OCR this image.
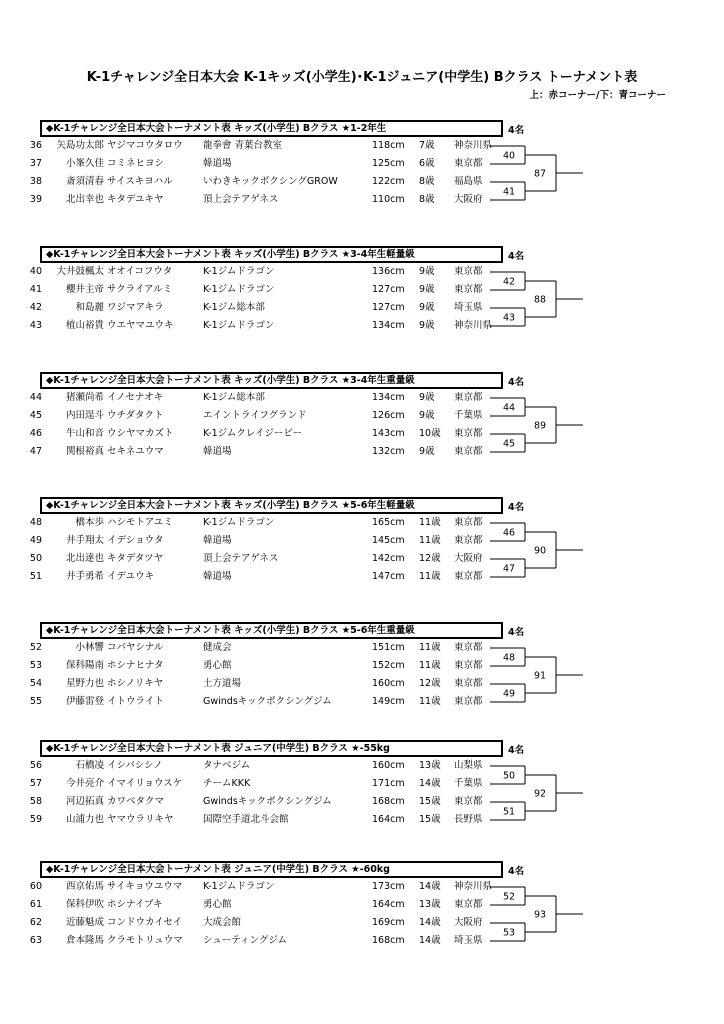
K-1チャレンジ全日本大会 K-1キッズ(小学生)･K-1ジュニア(中学生) Bクラス トーナメント表
上：赤コーナー/下：青コーナー
◆K-1チャレンジ全日本大会トーナメント表 キッズ(小学生) Bクラス ★1-2年生	4名
36	矢島功太郎 ヤジマコウタロウ 龍拳會 青葉台教室	118cm 7歳 神奈川県
37	小峯久佳 コミネヒヨシ	韓道場	125cm 6歳 東京都
38	斎須清春 サイスキヨハル	いわきキックボクシングGROW	122cm 8歳 福島県
39	北出幸也 キタデユキヤ	頂上会テアゲネス	110cm 8歳 大阪府
40
41
87
◆K-1チャレンジ全日本大会トーナメント表 キッズ(小学生) Bクラス ★3-4年生軽量級	4名
40	大井鼓楓太 オオイコフウタ	K-1ジムドラゴン	136cm 9歳 東京都
41	櫻井主帝 サクライアルミ	K-1ジムドラゴン	127cm 9歳 東京都
42	和島麗 ワジマアキラ	K-1ジム総本部	127cm 9歳 埼玉県
43	植山裕貴 ウエヤマユウキ	K-1ジムドラゴン	134cm 9歳 神奈川県
42
43
88
◆K-1チャレンジ全日本大会トーナメント表 キッズ(小学生) Bクラス ★3-4年生重量級	4名
44	猪瀬尚希 イノセナオキ	K-1ジム総本部	134cm 9歳 東京都
45	内田逞斗 ウチダタクト	エイントライフグランド	126cm 9歳 千葉県
46	牛山和音 ウシヤマカズト	K-1ジムクレイジービー	143cm 10歳 東京都
47	関根裕真 セキネユウマ	韓道場	132cm 9歳 東京都
44
45
89
◆K-1チャレンジ全日本大会トーナメント表 キッズ(小学生) Bクラス ★5-6年生軽量級	4名
48	橋本歩 ハシモトアユミ	K-1ジムドラゴン	165cm 11歳 東京都
49	井手翔太 イデショウタ	韓道場	145cm 11歳 東京都
50	北出達也 キタデタツヤ	頂上会テアゲネス	142cm 12歳 大阪府
51	井手勇希 イデユウキ	韓道場	147cm 11歳 東京都
46
47
90
◆K-1チャレンジ全日本大会トーナメント表 キッズ(小学生) Bクラス ★5-6年生重量級	4名
52	小林響 コバヤシナル	健成会	151cm 11歳 東京都
53	保科陽南 ホシナヒナタ	勇心館	152cm 11歳 東京都
54	星野力也 ホシノリキヤ	土方道場	160cm 12歳 東京都
55	伊藤雷登 イトウライト	Gwindsキックボクシングジム	149cm 11歳 東京都
48
49
91
◆K-1チャレンジ全日本大会トーナメント表 ジュニア(中学生) Bクラス ★-55kg	4名
56	石橋凌 イシバシシノ	タナベジム	160cm 13歳 山梨県
57	今井亮介 イマイリョウスケ チームKKK	171cm 14歳 千葉県
58	河辺拓真 カワベタクマ	Gwindsキックボクシングジム	168cm 15歳 東京都
59	山浦力也 ヤマウラリキヤ	国際空手道北斗会館	164cm 15歳 長野県
50
51
92
◆K-1チャレンジ全日本大会トーナメント表 ジュニア(中学生) Bクラス ★-60kg	4名
60	西京佑馬 サイキョウユウマ K-1ジムドラゴン	173cm 14歳 神奈川県
61	保科伊吹 ホシナイブキ	勇心館	164cm 13歳 東京都
62	近藤魁成 コンドウカイセイ 大成会館	169cm 14歳 大阪府
63	倉本隆馬 クラモトリュウマ シューティングジム	168cm 14歳 埼玉県
52
53
93
